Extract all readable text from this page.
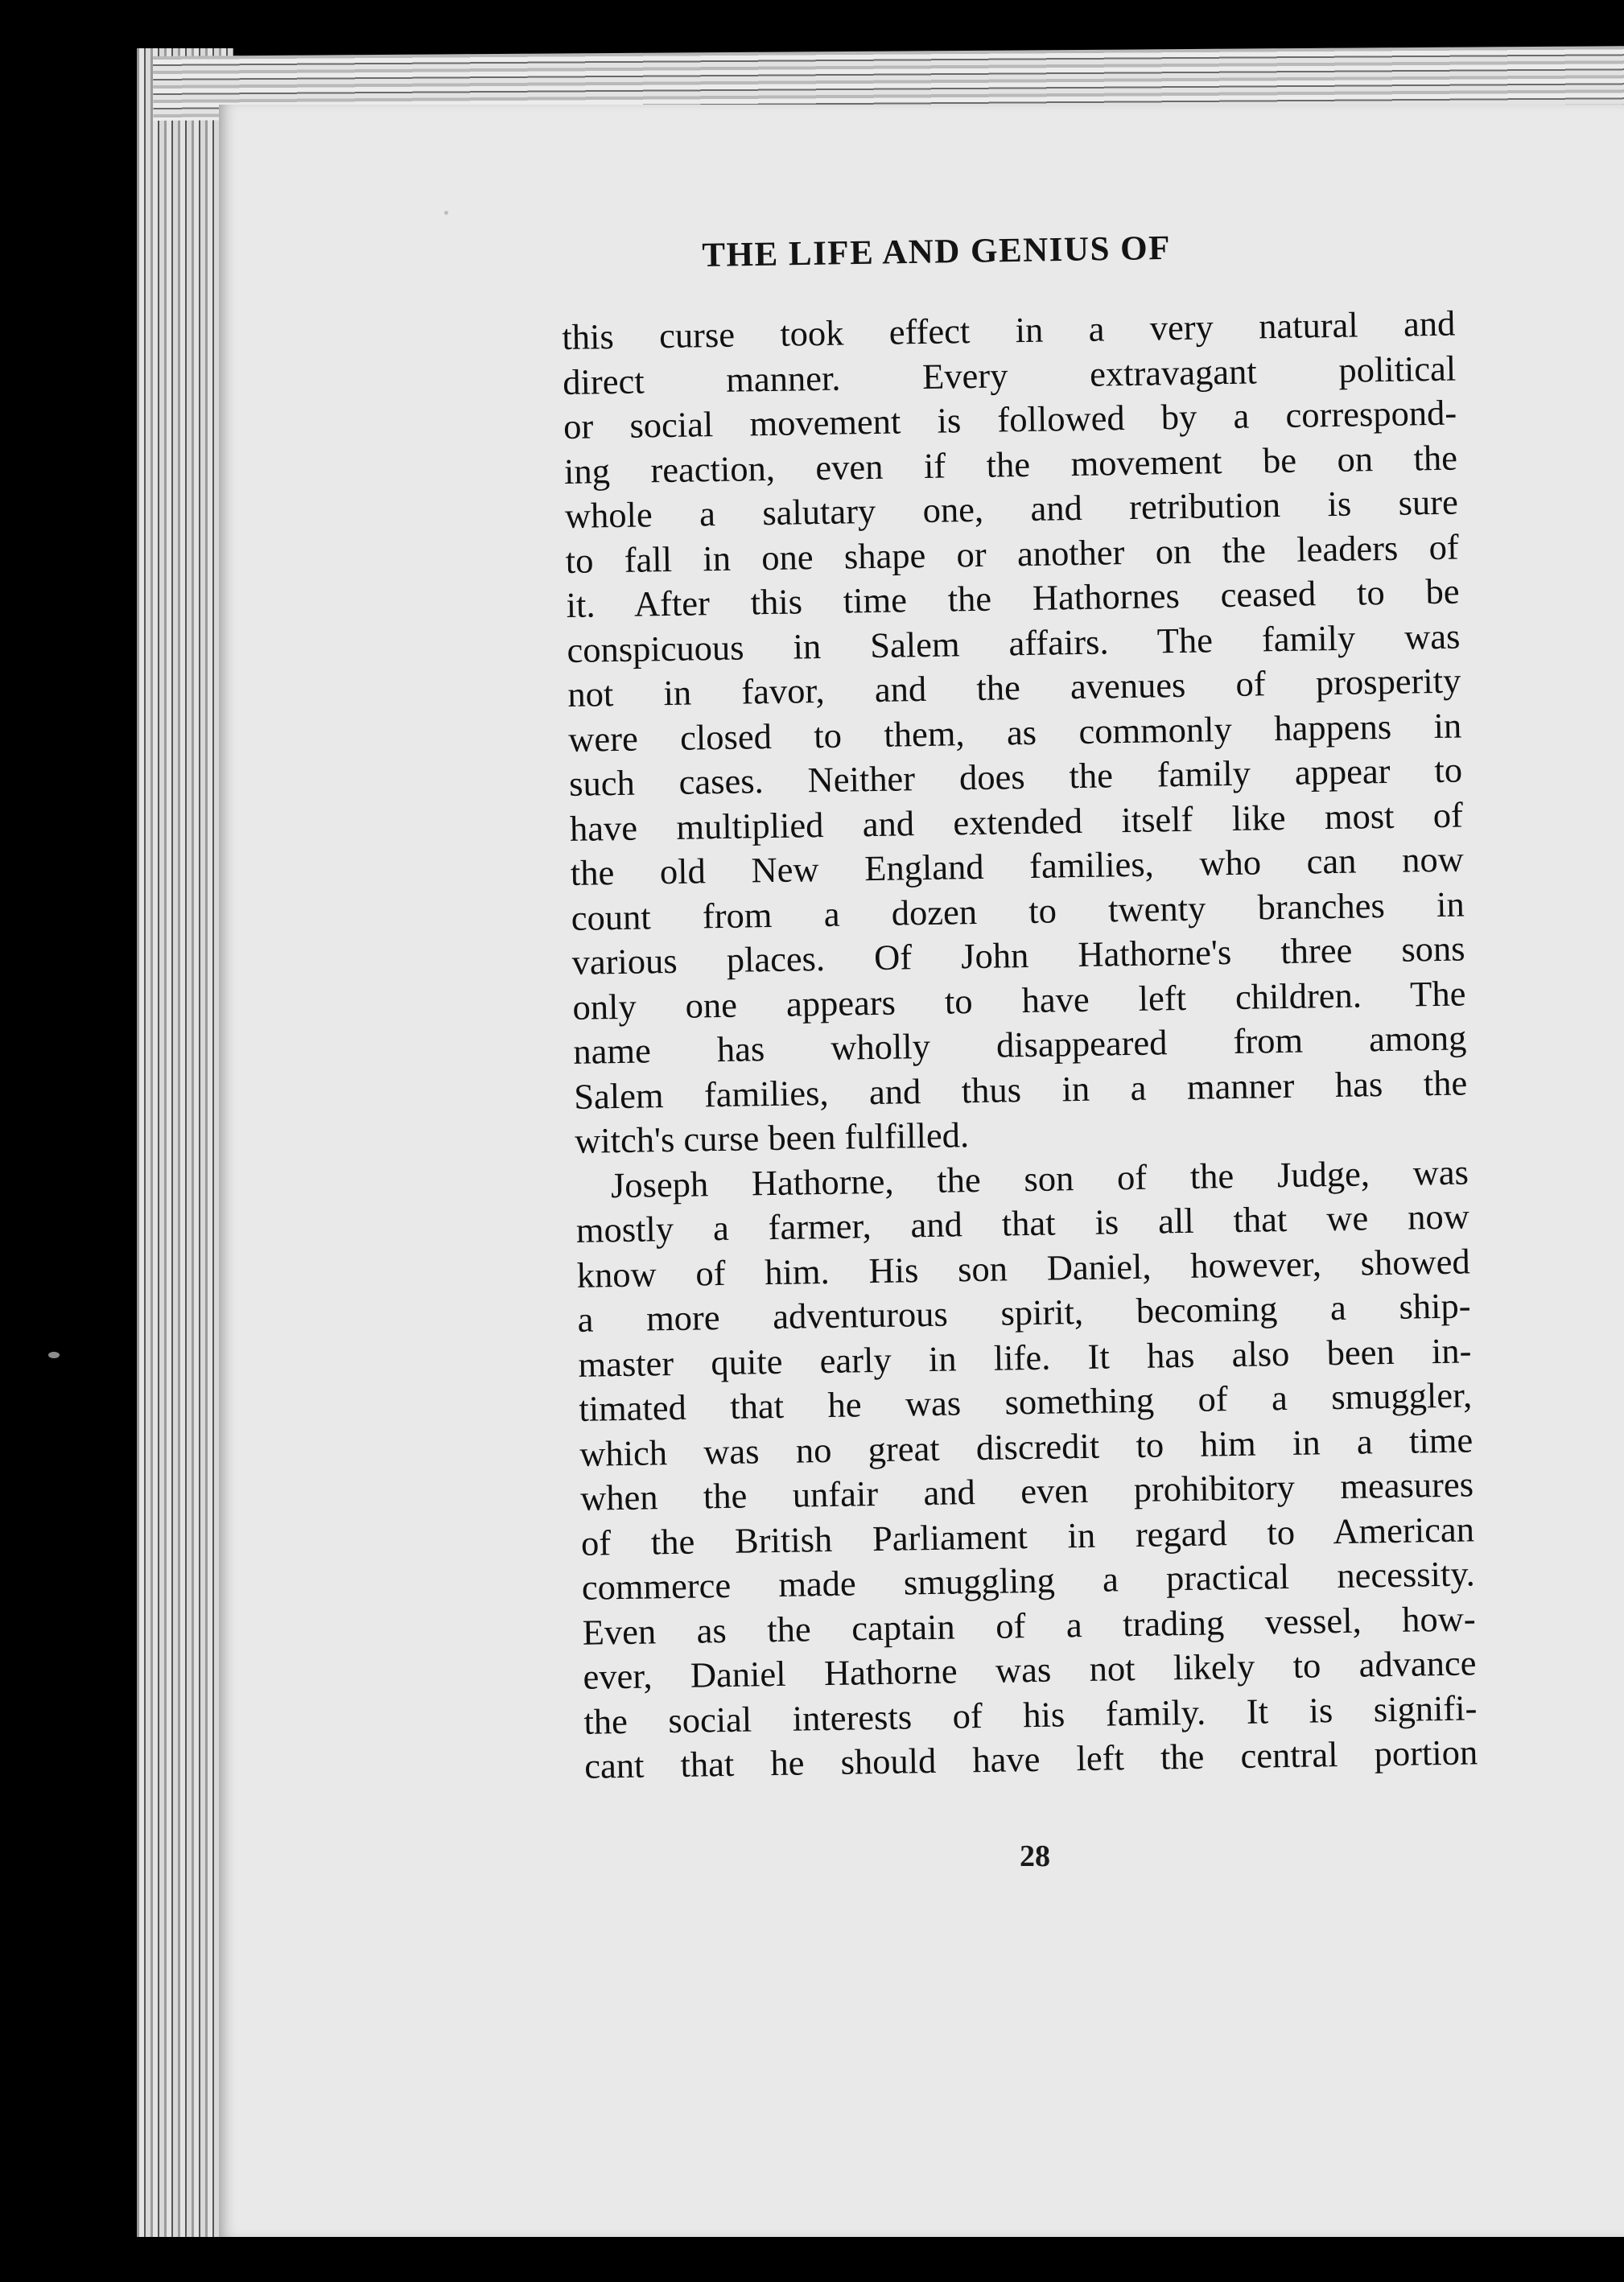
THE LIFE AND GENIUS OF
this curse took effect in a very natural and
direct manner. Every extravagant political
or social movement is followed by a correspond-
ing reaction, even if the movement be on the
whole a salutary one, and retribution is sure
to fall in one shape or another on the leaders of
it. After this time the Hathornes ceased to be
conspicuous in Salem affairs. The family was
not in favor, and the avenues of prosperity
were closed to them, as commonly happens in
such cases. Neither does the family appear to
have multiplied and extended itself like most of
the old New England families, who can now
count from a dozen to twenty branches in
various places. Of John Hathorne's three sons
only one appears to have left children. The
name has wholly disappeared from among
Salem families, and thus in a manner has the
witch's curse been fulfilled.
Joseph Hathorne, the son of the Judge, was
mostly a farmer, and that is all that we now
know of him. His son Daniel, however, showed
a more adventurous spirit, becoming a ship-
master quite early in life. It has also been in-
timated that he was something of a smuggler,
which was no great discredit to him in a time
when the unfair and even prohibitory measures
of the British Parliament in regard to American
commerce made smuggling a practical necessity.
Even as the captain of a trading vessel, how-
ever, Daniel Hathorne was not likely to advance
the social interests of his family. It is signifi-
cant that he should have left the central portion
28
